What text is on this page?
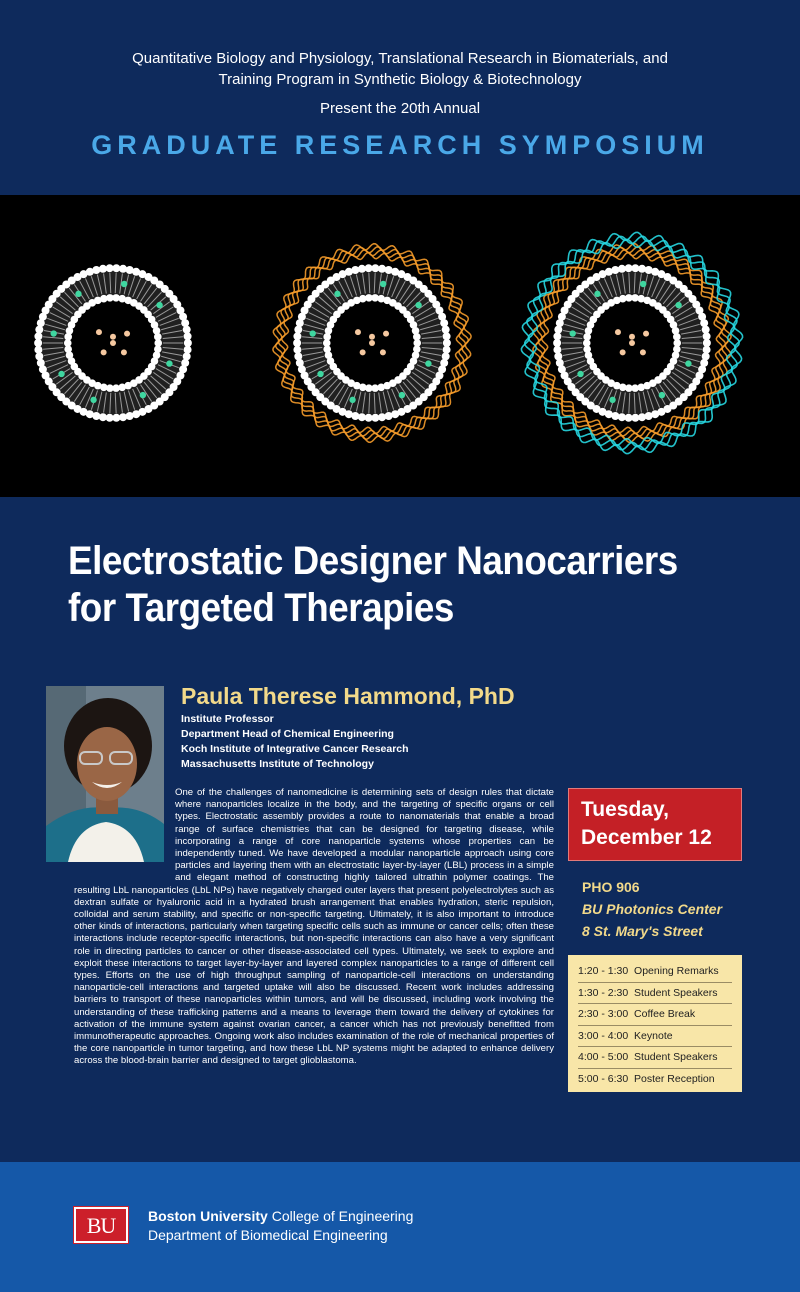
Quantitative Biology and Physiology, Translational Research in Biomaterials, and
Training Program in Synthetic Biology & Biotechnology
Present the 20th Annual
GRADUATE RESEARCH SYMPOSIUM
Electrostatic Designer Nanocarriers
for Targeted Therapies
Paula Therese Hammond, PhD
Institute Professor
Department Head of Chemical Engineering
Koch Institute of Integrative Cancer Research
Massachusetts Institute of Technology
One of the challenges of nanomedicine is determining sets of design rules that dictate where nanoparticles localize in the body, and the targeting of specific organs or cell types. Electrostatic assembly provides a route to nanomaterials that enable a broad range of surface chemistries that can be designed for targeting disease, while incorporating a range of core nanoparticle systems whose properties can be independently tuned. We have developed a modular nanoparticle approach using core particles and layering them with an electrostatic layer-by-layer (LBL) process in a simple and elegant method of constructing highly tailored ultrathin polymer coatings. The resulting LbL nanoparticles (LbL NPs) have negatively charged outer layers that present polyelectrolytes such as dextran sulfate or hyaluronic acid in a hydrated brush arrangement that enables hydration, steric repulsion, colloidal and serum stability, and specific or non-specific targeting. Ultimately, it is also important to introduce other kinds of interactions, particularly when targeting specific cells such as immune or cancer cells; often these interactions include receptor-specific interactions, but non-specific interactions can also have a very significant role in directing particles to cancer or other disease-associated cell types. Ultimately, we seek to explore and exploit these interactions to target layer-by-layer and layered complex nanoparticles to a range of different cell types. Efforts on the use of high throughput sampling of nanoparticle-cell interactions on understanding nanoparticle-cell interactions and targeted uptake will also be discussed. Recent work includes addressing barriers to transport of these nanoparticles within tumors, and will be discussed, including work involving the understanding of these trafficking patterns and a means to leverage them toward the delivery of cytokines for activation of the immune system against ovarian cancer, a cancer which has not previously benefitted from immunotherapeutic approaches. Ongoing work also includes examination of the role of mechanical properties of the core nanoparticle in tumor targeting, and how these LbL NP systems might be adapted to enhance delivery across the blood-brain barrier and designed to target glioblastoma.
Tuesday,
December 12
PHO 906
BU Photonics Center
8 St. Mary's Street
1:20 - 1:30 Opening Remarks
1:30 - 2:30 Student Speakers
2:30 - 3:00 Coffee Break
3:00 - 4:00 Keynote
4:00 - 5:00 Student Speakers
5:00 - 6:30 Poster Reception
BU	Boston University College of Engineering
Department of Biomedical Engineering
